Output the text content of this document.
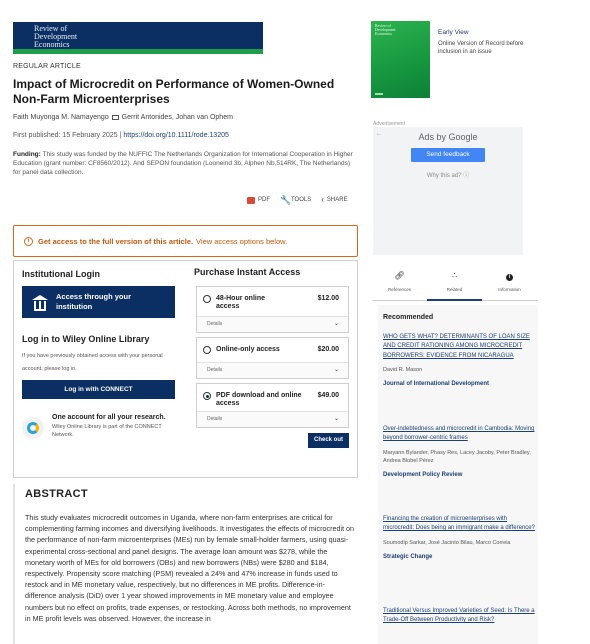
Review of
Development
Economics
REGULAR ARTICLE
Impact of Microcredit on Performance of Women-Owned Non-Farm Microenterprises
Faith Muyonga M. Namayengo Gerrit Antonides, Johan van Ophem
First published: 15 February 2025 | https://doi.org/10.1111/rode.13205
Funding: This study was funded by the NUFFIC The Netherlands Organization for International Cooperation in Higher Education (grant number: CF8560/2012). And SEPON foundation (Looneind 3b, Alphen Nb,514RK, The Netherlands) for panel data collection.
PDF 🔧 TOOLS ‹ SHARE
i	Get access to the full version of this article. View access options below.
Institutional Login
Access through your institution
Log in to Wiley Online Library
If you have previously obtained access with your personal account, please log in.
Log in with CONNECT
One account for all your research.
Wiley Online Library is part of the CONNECT Network.
Purchase Instant Access
48-Hour online access
$12.00
Details	⌄
Online-only access	$20.00
Details	⌄
PDF download and online access
$49.00
Details	⌄
Check out
ABSTRACT

This study evaluates microcredit outcomes in Uganda, where non-farm enterprises are critical for complementing farming incomes and diversifying livelihoods. It investigates the effects of microcredit on the performance of non-farm microenterprises (MEs) run by female small-holder farmers, using quasi-experimental cross-sectional and panel designs. The average loan amount was $278, while the monetary worth of MEs for old borrowers (OBs) and new borrowers (NBs) were $280 and $184, respectively. Propensity score matching (PSM) revealed a 24% and 47% increase in funds used to restock and in ME monetary value, respectively, but no differences in ME profits. Difference-in-difference analysis (DiD) over 1 year showed improvements in ME monetary value and employee numbers but no effect on profits, trade expenses, or restocking. Across both methods, no improvement in ME profit levels was observed. However, the increase in

Review of
Development
Economics	Early View
Online Version of Record before inclusion in an issue
Advertisement
←	Ads by Google
Send feedback
Why this ad? ⓘ
🔗︎
References
∴
Related
i
Information
Recommended
WHO GETS WHAT? DETERMINANTS OF LOAN SIZE AND CREDIT RATIONING AMONG MICROCREDIT BORROWERS: EVIDENCE FROM NICARAGUA
David R. Mason
Journal of International Development
Over-indebtedness and microcredit in Cambodia: Moving beyond borrower-centric frames
Maryann Bylander, Phasy Res, Lacey Jacoby, Peter Bradley, Andrea Blobel Pérez
Development Policy Review
Financing the creation of microenterprises with microcredit: Does being an immigrant make a difference?
Soumodip Sarkar, José Jacinto Bilau, Marco Correia
Strategic Change
Traditional Versus Improved Varieties of Seed: Is There a Trade-Off Between Productivity and Risk?
